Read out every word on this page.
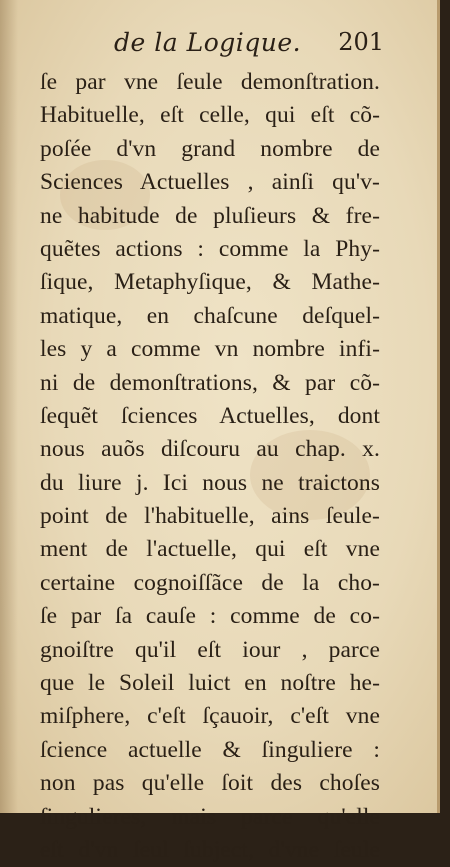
de la Logique. 201
ſe par vne ſeule demonſtration.
Habituelle, eſt celle, qui eſt cõ-
poſée d'vn grand nombre de
Sciences Actuelles , ainſi qu'v-
ne habitude de pluſieurs & fre-
quẽtes actions : comme la Phy-
ſique, Metaphyſique, & Mathe-
matique, en chaſcune deſquel-
les y a comme vn nombre infi-
ni de demonſtrations, & par cõ-
ſequẽt ſciences Actuelles, dont
nous auõs diſcouru au chap. x.
du liure j. Ici nous ne traictons
point de l'habituelle, ains ſeule-
ment de l'actuelle, qui eſt vne
certaine cognoiſſãce de la cho-
ſe par ſa cauſe : comme de co-
gnoiſtre qu'il eſt iour , parce
que le Soleil luict en noſtre he-
miſphere, c'eſt ſçauoir, c'eſt vne
ſcience actuelle & ſinguliere :
non pas qu'elle ſoit des choſes
ſingulieres, mais parce qu'elle
eſt d'vn ſeul ſubject, d'vne ſeule
